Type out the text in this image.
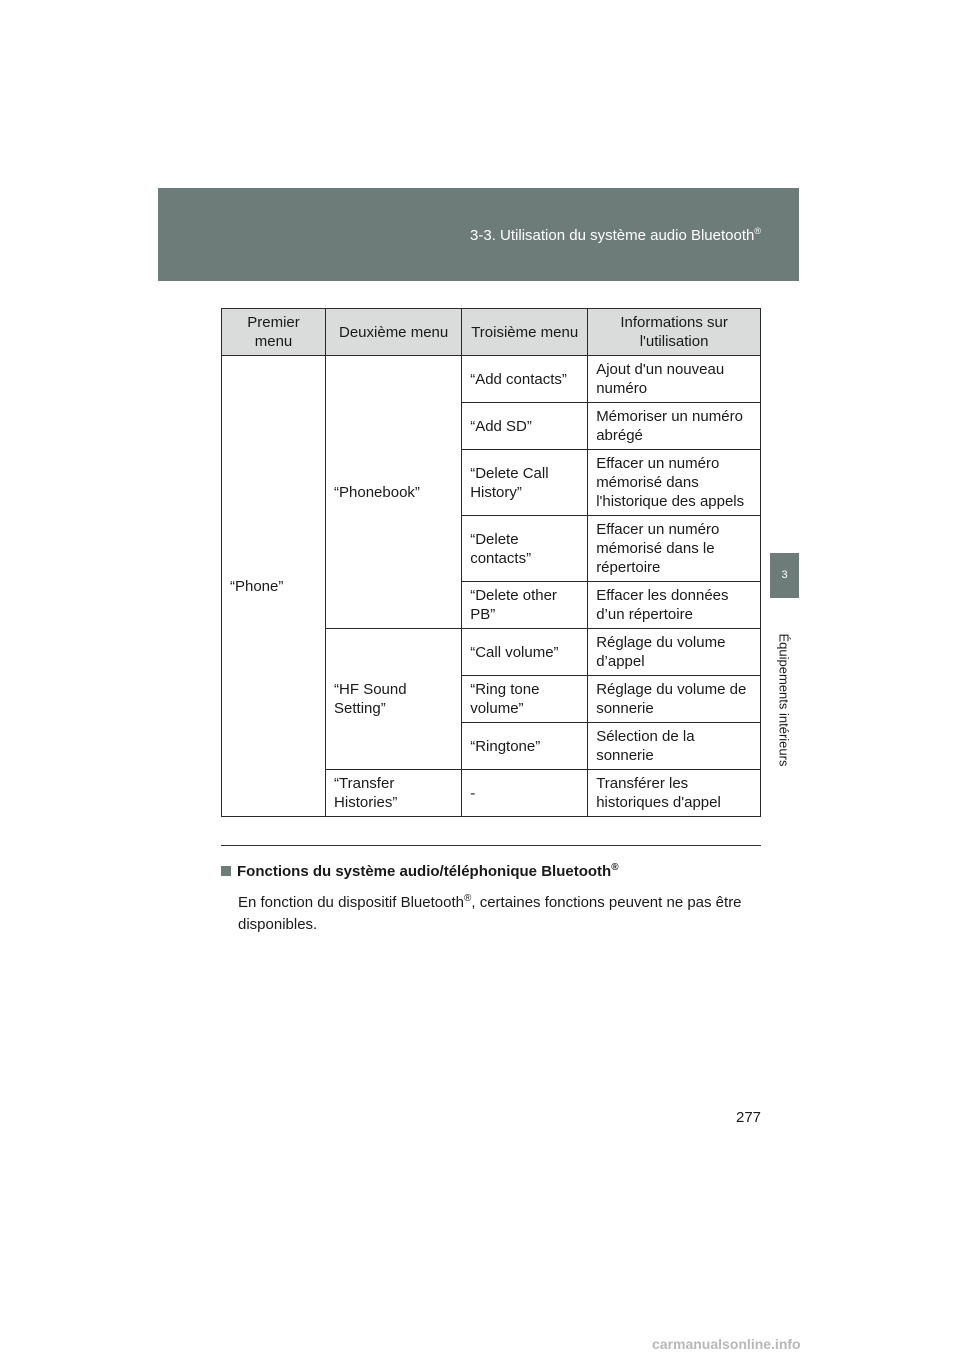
3-3. Utilisation du système audio Bluetooth®
3
Équipements intérieurs
Premier menu	Deuxième menu	Troisième menu	Informations sur l'utilisation
“Phone”	“Phonebook”	“Add contacts”	Ajout d'un nouveau numéro
		“Add SD”	Mémoriser un numéro abrégé
		“Delete Call History”	Effacer un numéro mémorisé dans l'historique des appels
		“Delete contacts”	Effacer un numéro mémorisé dans le répertoire
		“Delete other PB”	Effacer les données d’un répertoire
	“HF Sound Setting”	“Call volume”	Réglage du volume d’appel
		“Ring tone volume”	Réglage du volume de sonnerie
		“Ringtone”	Sélection de la sonnerie
	“Transfer Histories”	-	Transférer les historiques d'appel

Fonctions du système audio/téléphonique Bluetooth®

En fonction du dispositif Bluetooth®, certaines fonctions peuvent ne pas être disponibles.

277
carmanualsonline.info
